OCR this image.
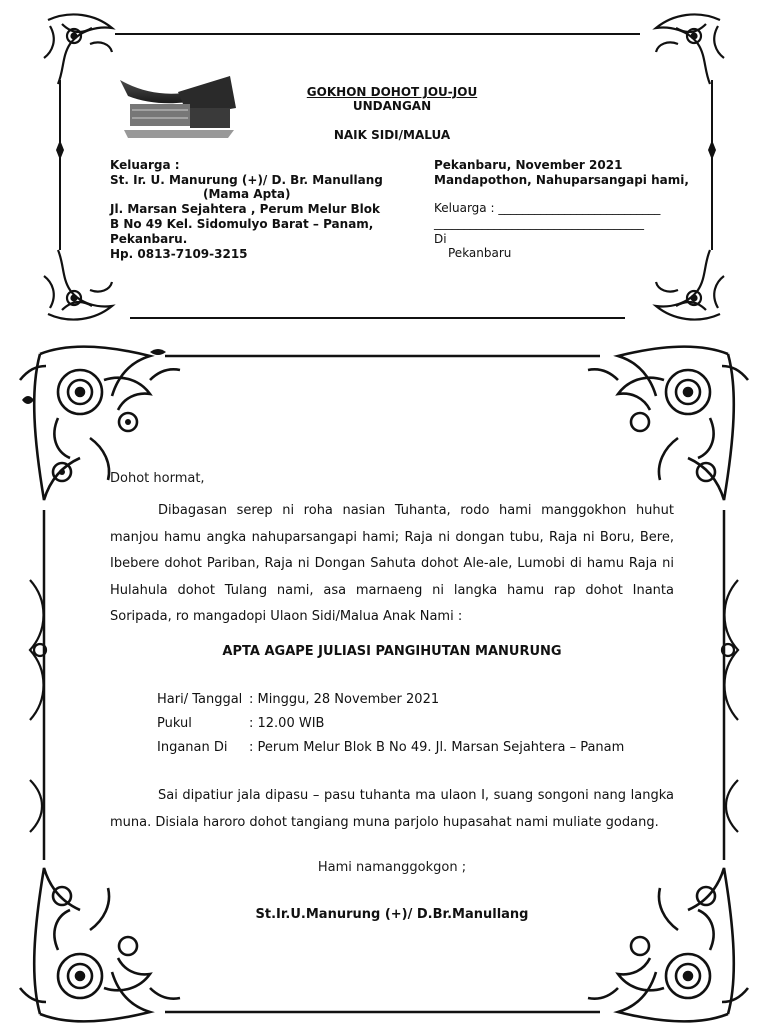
GOKHON DOHOT JOU-JOU
UNDANGAN
NAIK SIDI/MALUA
Keluarga :
St. Ir. U. Manurung (+)/ D. Br. Manullang
(Mama Apta)
Jl. Marsan Sejahtera , Perum Melur Blok
B No 49 Kel. Sidomulyo Barat – Panam,
Pekanbaru.
Hp. 0813-7109-3215
Pekanbaru, November 2021
Mandapothon, Nahuparsangapi hami,
Keluarga : ___________________________
___________________________________
Di
Pekanbaru
Dohot hormat,
Dibagasan serep ni roha nasian Tuhanta, rodo hami manggokhon huhut manjou hamu angka nahuparsangapi hami; Raja ni dongan tubu, Raja ni Boru, Bere, Ibebere dohot Pariban, Raja ni Dongan Sahuta dohot Ale-ale, Lumobi di hamu Raja ni Hulahula dohot Tulang nami, asa marnaeng ni langka hamu rap dohot Inanta Soripada, ro mangadopi Ulaon Sidi/Malua Anak Nami :
APTA AGAPE JULIASI PANGIHUTAN MANURUNG
Hari/ Tanggal : Minggu, 28 November 2021
Pukul	: 12.00 WIB
Inganan Di : Perum Melur Blok B No 49. Jl. Marsan Sejahtera – Panam
Sai dipatiur jala dipasu – pasu tuhanta ma ulaon I, suang songoni nang langka muna. Disiala haroro dohot tangiang muna parjolo hupasahat nami muliate godang.
Hami namanggokgon ;
St.Ir.U.Manurung (+)/ D.Br.Manullang
